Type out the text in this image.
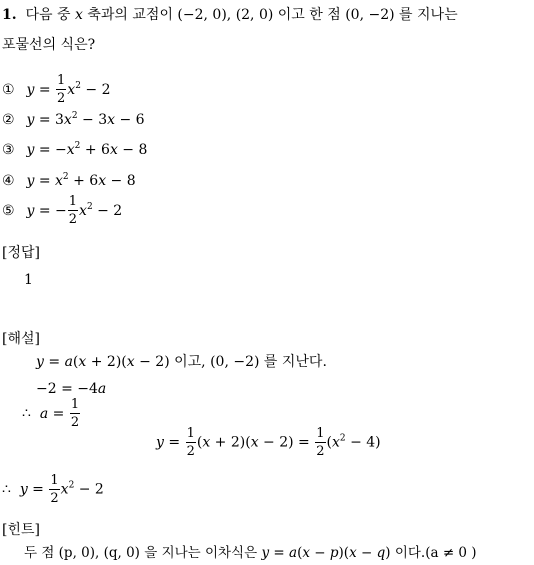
1. 다음 중 x 축과의 교점이 (−2, 0), (2, 0) 이고 한 점 (0, −2) 를 지나는
포물선의 식은?
① $y = \frac{1}{2} x^2 - 2$
② $y = 3x^2 - 3x - 6$
③ $y = -x^2 + 6x - 8$
④ $y = x^2 + 6x - 8$
⑤ y = − $\frac{1}{2} x^2 - 2$
[정답]
1
[해설]
y = a(x + 2)(x − 2) 이고, (0, −2) 를 지난다.
−2 = −4a
∴ $a = \frac{1}{2}$
$y = \frac{1}{2} (x + 2)(x - 2) = \frac{1}{2} (x^2 - 4)$
∴  $y = \frac{1}{2} x^2 - 2$
[힌트]
두 점 (p, 0), (q, 0) 을 지나는 이차식은 y = a(x − p)(x − q) 이다.(a ≠ 0 )
